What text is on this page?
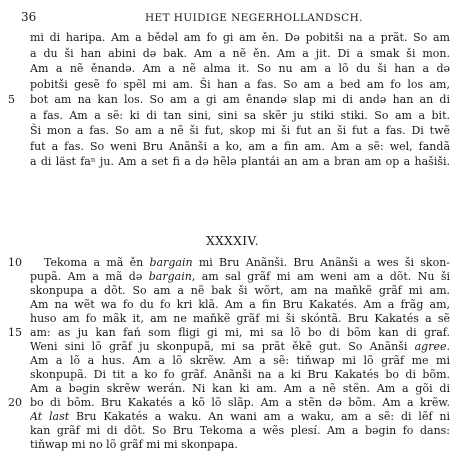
36	HET HUIDIGE NEGERHOLLANDSCH.
XXXXIV.
Tekoma a mã ěn bargain mi Bru Anãnši. Bru Anãnši a wes ši skon-
pupã. Am a mã də bargain, am sal grãf mi am weni am a dõt. Nu ši
skonpupa a dõt. So am a nẽ bak ši wõrt, am na maňkẽ grãf mi am.
Am na wẽt wa fo du fo kri klã. Am a fin Bru Kakatés. Am a frãg am,
huso am fo mãk it, am ne maňkẽ grãf mi ši skóntã. Bru Kakatés a sẽ
am: as ju kan fań som fligi gi mi, mi sa lõ bo di bõm kan di graf.
Weni sini lõ grãf ju skonpupã, mi sa prãt ěkẽ gut. So Anãnši agree.
Am a lõ a hus. Am a lõ skrẽw. Am a sẽ: tiňwap mi lõ grãf me mi
skonpupã. Di tit a ko fo grãf. Anãnši na a ki Bru Kakatés bo di bõm.
Am a bəgin skrẽw werán. Ni kan ki am. Am a nẽ stẽn. Am a gõi di
bo di bõm. Bru Kakatés a kõ lõ slãp. Am a stẽn də bõm. Am a krẽw.
At last Bru Kakatés a waku. An wani am a waku, am a sẽ: di lẽf ni
kan grãf mi di dõt. So Bru Tekoma a wẽs plesí. Am a bəgin fo dans:
tiňwap mi no lõ grãf mi mi skonpapa.
10
15
20
mi di haripa. Am a bědəl am fo gi am ěn. Də pobitši na a prãt. So am
a du ši han abini də bak. Am a nẽ ěn. Am a jit. Di a smak ši mon.
Am a nẽ ěnandə. Am a nẽ alma it. So nu am a lõ du ši han a də
pobitši gesẽ fo spẽl mi am. Ši han a fas. So am a bed am fo los am,
bot am na kan los. So am a gi am ěnandə slap mi di andə han an di
a fas. Am a sẽ: ki di tan sini, sini sa skẽr ju stiki stiki. So am a bit.
Ši mon a fas. So am a nẽ ši fut, skop mi ši fut an ši fut a fas. Di twẽ
fut a fas. So weni Bru Anãnši a ko, am a fin am. Am a sẽ: wel, fandã
a di läst faⁿ ju. Am a set fi a də hẽlə plantái an am a bran am op a hašiši.
5
